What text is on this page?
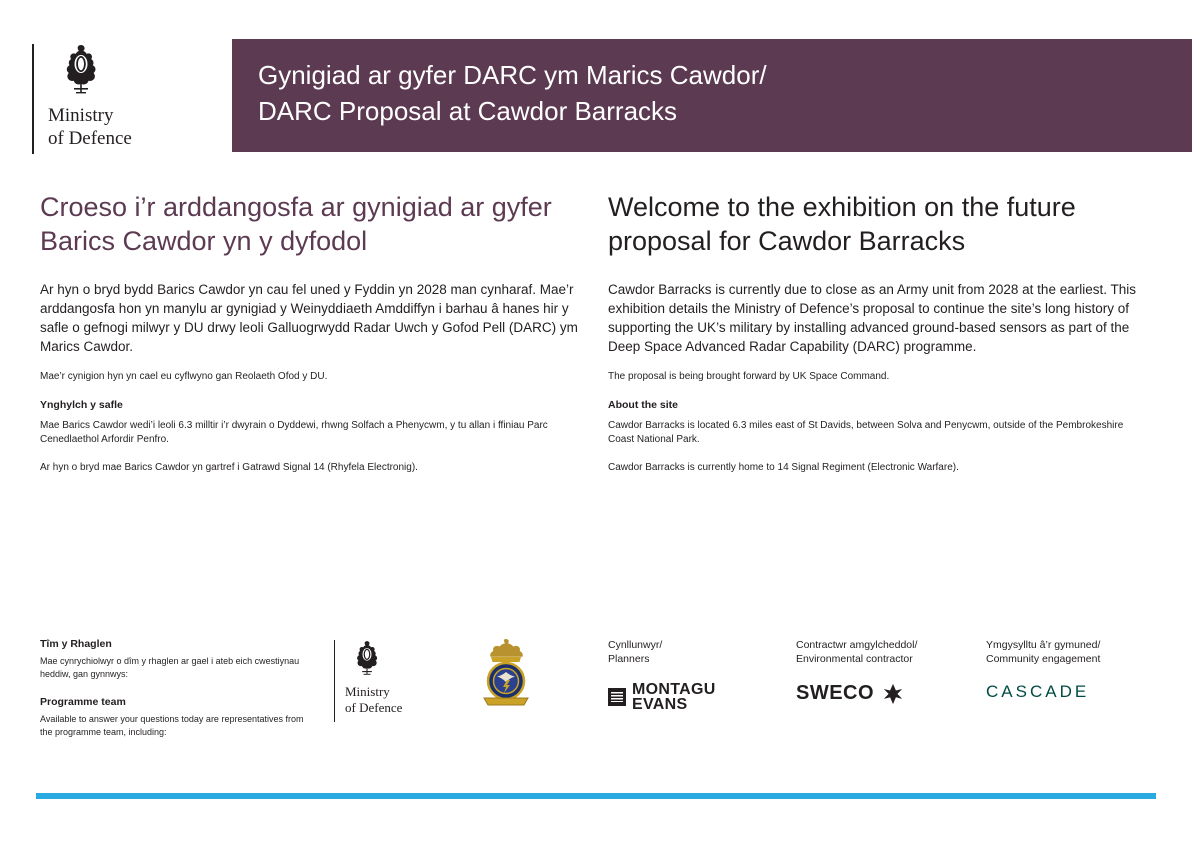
Gynigiad ar gyfer DARC ym Marics Cawdor/
DARC Proposal at Cawdor Barracks
Ministry
of Defence
Croeso i’r arddangosfa ar gynigiad ar gyfer Barics Cawdor yn y dyfodol

Ar hyn o bryd bydd Barics Cawdor yn cau fel uned y Fyddin yn 2028 man cynharaf. Mae’r arddangosfa hon yn manylu ar gynigiad y Weinyddiaeth Amddiffyn i barhau â hanes hir y safle o gefnogi milwyr y DU drwy leoli Galluogrwydd Radar Uwch y Gofod Pell (DARC) ym Marics Cawdor.

Mae’r cynigion hyn yn cael eu cyflwyno gan Reolaeth Ofod y DU.

Ynghylch y safle

Mae Barics Cawdor wedi’i leoli 6.3 milltir i’r dwyrain o Dyddewi, rhwng Solfach a Phenycwm, y tu allan i ffiniau Parc Cenedlaethol Arfordir Penfro.

Ar hyn o bryd mae Barics Cawdor yn gartref i Gatrawd Signal 14 (Rhyfela Electronig).

Welcome to the exhibition on the future proposal for Cawdor Barracks

Cawdor Barracks is currently due to close as an Army unit from 2028 at the earliest. This exhibition details the Ministry of Defence’s proposal to continue the site’s long history of supporting the UK’s military by installing advanced ground-based sensors as part of the Deep Space Advanced Radar Capability (DARC) programme.

The proposal is being brought forward by UK Space Command.

About the site

Cawdor Barracks is located 6.3 miles east of St Davids, between Solva and Penycwm, outside of the Pembrokeshire Coast National Park.

Cawdor Barracks is currently home to 14 Signal Regiment (Electronic Warfare).

Tîm y Rhaglen

Mae cynrychiolwyr o dîm y rhaglen ar gael i ateb eich cwestiynau heddiw, gan gynnwys:

Programme team

Available to answer your questions today are representatives from the programme team, including:

Ministry
of Defence
Cynllunwyr/
Planners
MONTAGU
EVANS
Contractwr amgylcheddol/
Environmental contractor
SWECO
Ymgysylltu â’r gymuned/
Community engagement
CASCADE
